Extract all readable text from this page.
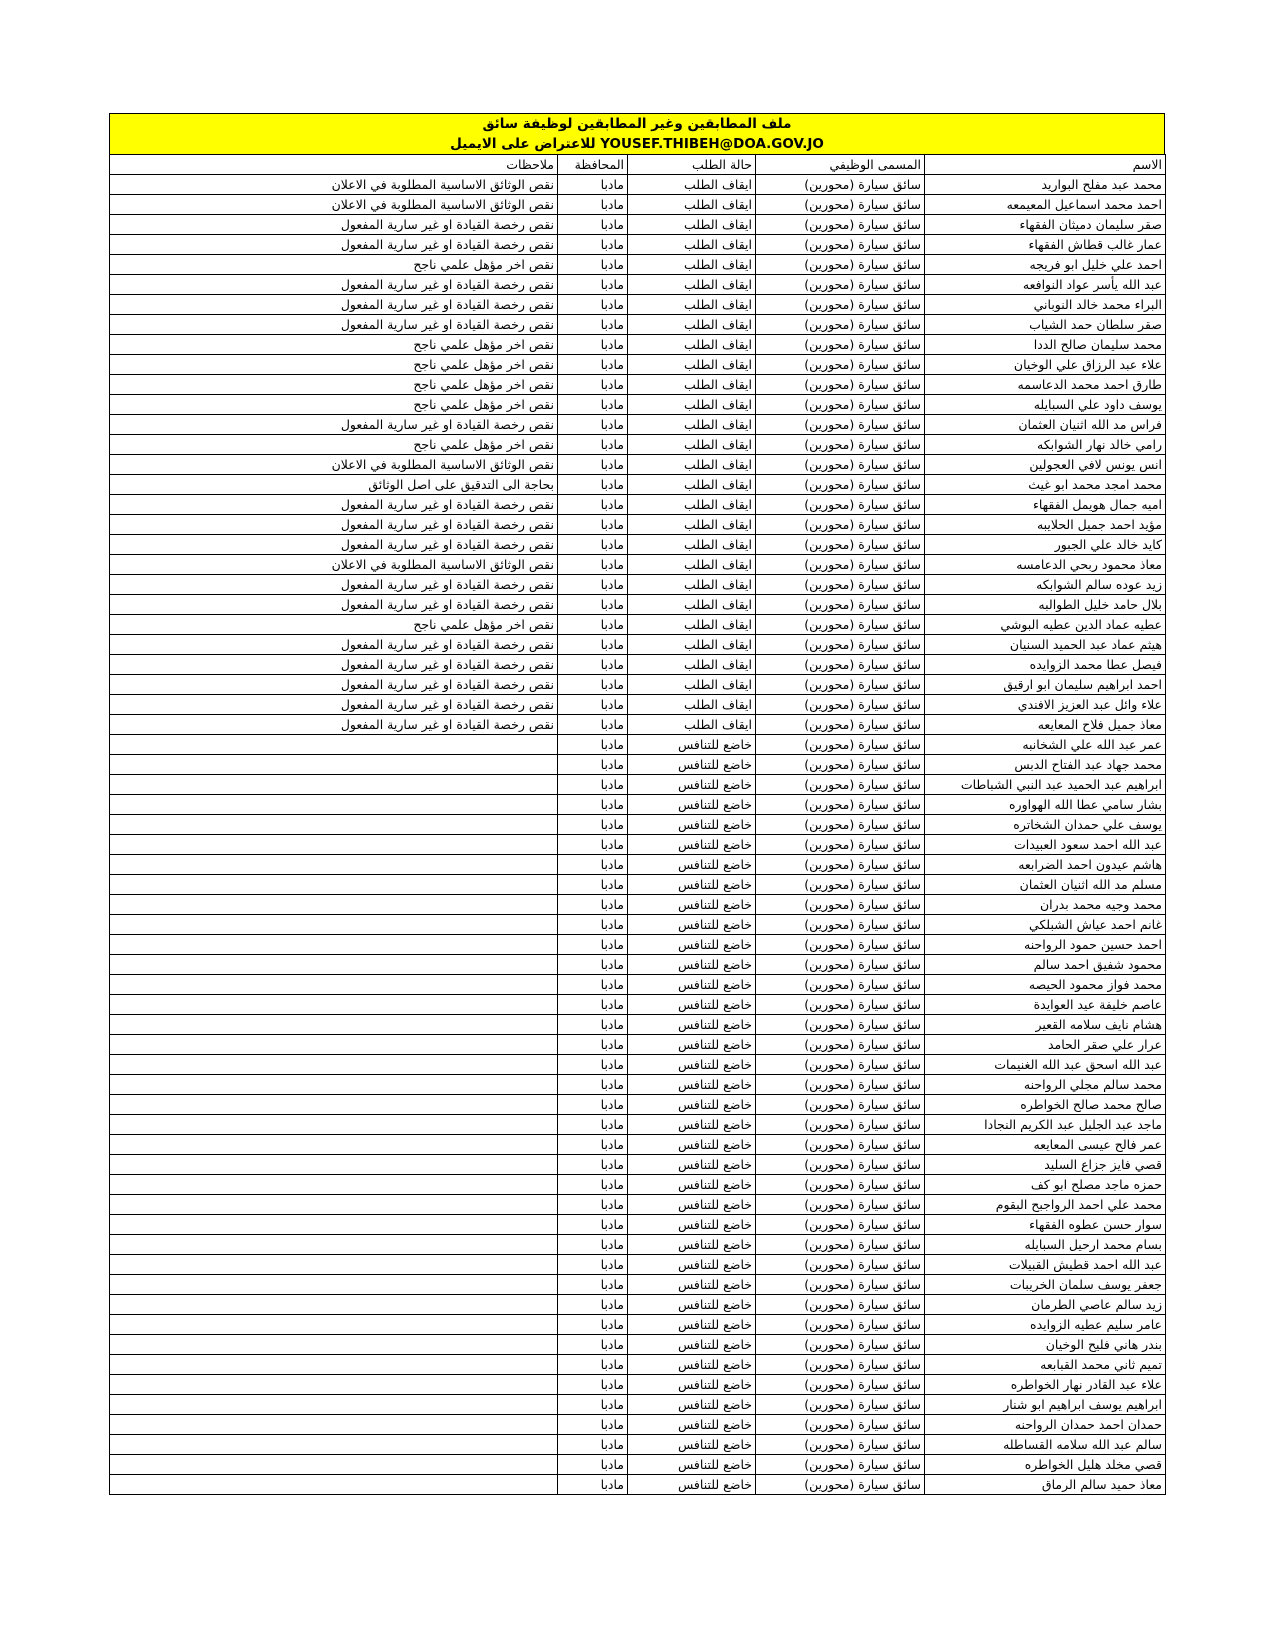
ملف المطابقين وغير المطابقين لوظيفة سائق
YOUSEF.THIBEH@DOA.GOV.JO للاعتراض على الايميل
الاسم	المسمى الوظيفي	حالة الطلب	المحافظة	ملاحظات
محمد عبد مفلح البواريد	سائق سيارة (محورين)	ايقاف الطلب	مادبا	نقص الوثائق الاساسية المطلوبة في الاعلان
احمد محمد اسماعيل المعيمعه	سائق سيارة (محورين)	ايقاف الطلب	مادبا	نقص الوثائق الاساسية المطلوبة في الاعلان
صقر سليمان دميثان الفقهاء	سائق سيارة (محورين)	ايقاف الطلب	مادبا	نقص رخصة القيادة او غير سارية المفعول
عمار غالب قطاش الفقهاء	سائق سيارة (محورين)	ايقاف الطلب	مادبا	نقص رخصة القيادة او غير سارية المفعول
احمد علي خليل ابو فريجه	سائق سيارة (محورين)	ايقاف الطلب	مادبا	نقص اخر مؤهل علمي ناجح
عبد الله يأسر عواد النوافعه	سائق سيارة (محورين)	ايقاف الطلب	مادبا	نقص رخصة القيادة او غير سارية المفعول
البراء محمد خالد النوباني	سائق سيارة (محورين)	ايقاف الطلب	مادبا	نقص رخصة القيادة او غير سارية المفعول
صقر سلطان حمد الشياب	سائق سيارة (محورين)	ايقاف الطلب	مادبا	نقص رخصة القيادة او غير سارية المفعول
محمد سليمان صالح الددا	سائق سيارة (محورين)	ايقاف الطلب	مادبا	نقص اخر مؤهل علمي ناجح
علاء عبد الرزاق علي الوخيان	سائق سيارة (محورين)	ايقاف الطلب	مادبا	نقص اخر مؤهل علمي ناجح
طارق احمد محمد الدعاسمه	سائق سيارة (محورين)	ايقاف الطلب	مادبا	نقص اخر مؤهل علمي ناجح
يوسف داود علي السبايله	سائق سيارة (محورين)	ايقاف الطلب	مادبا	نقص اخر مؤهل علمي ناجح
فراس مد الله اثنيان العثمان	سائق سيارة (محورين)	ايقاف الطلب	مادبا	نقص رخصة القيادة او غير سارية المفعول
رامي خالد نهار الشوابكه	سائق سيارة (محورين)	ايقاف الطلب	مادبا	نقص اخر مؤهل علمي ناجح
انس يونس لافي العجولين	سائق سيارة (محورين)	ايقاف الطلب	مادبا	نقص الوثائق الاساسية المطلوبة في الاعلان
محمد امجد محمد ابو غيث	سائق سيارة (محورين)	ايقاف الطلب	مادبا	بحاجة الى التدقيق على اصل الوثائق
اميه جمال هويمل الفقهاء	سائق سيارة (محورين)	ايقاف الطلب	مادبا	نقص رخصة القيادة او غير سارية المفعول
مؤيد احمد جميل الحلايبه	سائق سيارة (محورين)	ايقاف الطلب	مادبا	نقص رخصة القيادة او غير سارية المفعول
كايد خالد علي الجبور	سائق سيارة (محورين)	ايقاف الطلب	مادبا	نقص رخصة القيادة او غير سارية المفعول
معاذ محمود ربحي الدعامسه	سائق سيارة (محورين)	ايقاف الطلب	مادبا	نقص الوثائق الاساسية المطلوبة في الاعلان
زيد عوده سالم الشوابكه	سائق سيارة (محورين)	ايقاف الطلب	مادبا	نقص رخصة القيادة او غير سارية المفعول
بلال حامد خليل الطوالبه	سائق سيارة (محورين)	ايقاف الطلب	مادبا	نقص رخصة القيادة او غير سارية المفعول
عطيه عماد الدين عطيه البوشي	سائق سيارة (محورين)	ايقاف الطلب	مادبا	نقص اخر مؤهل علمي ناجح
هيثم عماد عبد الحميد السنيان	سائق سيارة (محورين)	ايقاف الطلب	مادبا	نقص رخصة القيادة او غير سارية المفعول
فيصل عطا محمد الزوايده	سائق سيارة (محورين)	ايقاف الطلب	مادبا	نقص رخصة القيادة او غير سارية المفعول
احمد ابراهيم سليمان ابو ارقيق	سائق سيارة (محورين)	ايقاف الطلب	مادبا	نقص رخصة القيادة او غير سارية المفعول
علاء وائل عبد العزيز الافندي	سائق سيارة (محورين)	ايقاف الطلب	مادبا	نقص رخصة القيادة او غير سارية المفعول
معاذ جميل فلاح المعايعه	سائق سيارة (محورين)	ايقاف الطلب	مادبا	نقص رخصة القيادة او غير سارية المفعول
عمر عبد الله علي الشخانبه	سائق سيارة (محورين)	خاضع للتنافس	مادبا	
محمد جهاد عبد الفتاح الدبس	سائق سيارة (محورين)	خاضع للتنافس	مادبا	
ابراهيم عبد الحميد عبد النبي الشباطات	سائق سيارة (محورين)	خاضع للتنافس	مادبا	
بشار سامي عطا الله الهواوره	سائق سيارة (محورين)	خاضع للتنافس	مادبا	
يوسف علي حمدان الشخاتره	سائق سيارة (محورين)	خاضع للتنافس	مادبا	
عبد الله احمد سعود العبيدات	سائق سيارة (محورين)	خاضع للتنافس	مادبا	
هاشم عيدون احمد الضرابعه	سائق سيارة (محورين)	خاضع للتنافس	مادبا	
مسلم مد الله اثنيان العثمان	سائق سيارة (محورين)	خاضع للتنافس	مادبا	
محمد وجيه محمد بدران	سائق سيارة (محورين)	خاضع للتنافس	مادبا	
غانم احمد عياش الشبلكي	سائق سيارة (محورين)	خاضع للتنافس	مادبا	
احمد حسين حمود الرواحنه	سائق سيارة (محورين)	خاضع للتنافس	مادبا	
محمود شفيق احمد سالم	سائق سيارة (محورين)	خاضع للتنافس	مادبا	
محمد فواز محمود الحيصه	سائق سيارة (محورين)	خاضع للتنافس	مادبا	
عاصم خليفة عيد العوايدة	سائق سيارة (محورين)	خاضع للتنافس	مادبا	
هشام نايف سلامه القعير	سائق سيارة (محورين)	خاضع للتنافس	مادبا	
عرار علي صقر الحامد	سائق سيارة (محورين)	خاضع للتنافس	مادبا	
عبد الله اسحق عبد الله الغنيمات	سائق سيارة (محورين)	خاضع للتنافس	مادبا	
محمد سالم مجلي الرواحنه	سائق سيارة (محورين)	خاضع للتنافس	مادبا	
صالح محمد صالح الخواطره	سائق سيارة (محورين)	خاضع للتنافس	مادبا	
ماجد عبد الجليل عبد الكريم النجادا	سائق سيارة (محورين)	خاضع للتنافس	مادبا	
عمر فالح عيسى المعايعه	سائق سيارة (محورين)	خاضع للتنافس	مادبا	
قصي فايز جزاع السليد	سائق سيارة (محورين)	خاضع للتنافس	مادبا	
حمزه ماجد مصلح ابو كف	سائق سيارة (محورين)	خاضع للتنافس	مادبا	
محمد علي احمد الرواجبح البقوم	سائق سيارة (محورين)	خاضع للتنافس	مادبا	
سوار حسن عطوه الفقهاء	سائق سيارة (محورين)	خاضع للتنافس	مادبا	
بسام محمد ارحيل السبايله	سائق سيارة (محورين)	خاضع للتنافس	مادبا	
عبد الله احمد قطيش القبيلات	سائق سيارة (محورين)	خاضع للتنافس	مادبا	
جعفر يوسف سلمان الخريبات	سائق سيارة (محورين)	خاضع للتنافس	مادبا	
زيد سالم عاصي الطرمان	سائق سيارة (محورين)	خاضع للتنافس	مادبا	
عامر سليم عطيه الزوايده	سائق سيارة (محورين)	خاضع للتنافس	مادبا	
بندر هاني فليح الوخيان	سائق سيارة (محورين)	خاضع للتنافس	مادبا	
تميم ثاني محمد القبابعه	سائق سيارة (محورين)	خاضع للتنافس	مادبا	
علاء عبد القادر نهار الخواطره	سائق سيارة (محورين)	خاضع للتنافس	مادبا	
ابراهيم يوسف ابراهيم ابو شنار	سائق سيارة (محورين)	خاضع للتنافس	مادبا	
حمدان احمد حمدان الرواحنه	سائق سيارة (محورين)	خاضع للتنافس	مادبا	
سالم عبد الله سلامه القساطله	سائق سيارة (محورين)	خاضع للتنافس	مادبا	
قصي مخلد هليل الخواطره	سائق سيارة (محورين)	خاضع للتنافس	مادبا	
معاذ حميد سالم الرماق	سائق سيارة (محورين)	خاضع للتنافس	مادبا	
